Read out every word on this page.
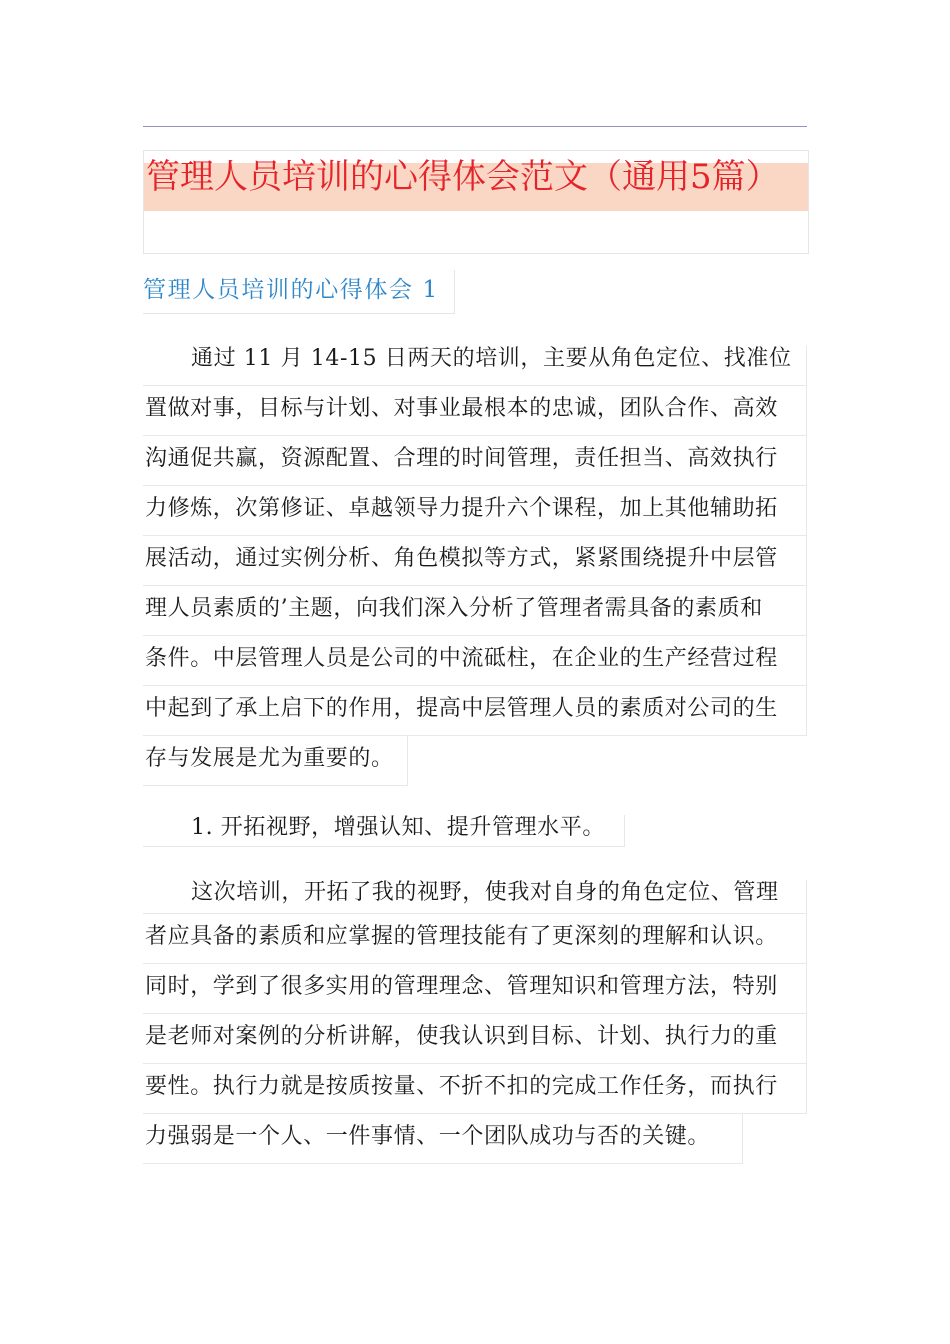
管理人员培训的心得体会范文（通用5篇）
管理人员培训的心得体会 1
通过 11 月 14-15 日两天的培训，主要从角色定位、找准位
置做对事，目标与计划、对事业最根本的忠诚，团队合作、高效
沟通促共赢，资源配置、合理的时间管理，责任担当、高效执行
力修炼，次第修证、卓越领导力提升六个课程，加上其他辅助拓
展活动，通过实例分析、角色模拟等方式，紧紧围绕提升中层管
理人员素质的’主题，向我们深入分析了管理者需具备的素质和
条件。中层管理人员是公司的中流砥柱，在企业的生产经营过程
中起到了承上启下的作用，提高中层管理人员的素质对公司的生
存与发展是尤为重要的。
1. 开拓视野，增强认知、提升管理水平。
这次培训，开拓了我的视野，使我对自身的角色定位、管理
者应具备的素质和应掌握的管理技能有了更深刻的理解和认识。
同时，学到了很多实用的管理理念、管理知识和管理方法，特别
是老师对案例的分析讲解，使我认识到目标、计划、执行力的重
要性。执行力就是按质按量、不折不扣的完成工作任务，而执行
力强弱是一个人、一件事情、一个团队成功与否的关键。
